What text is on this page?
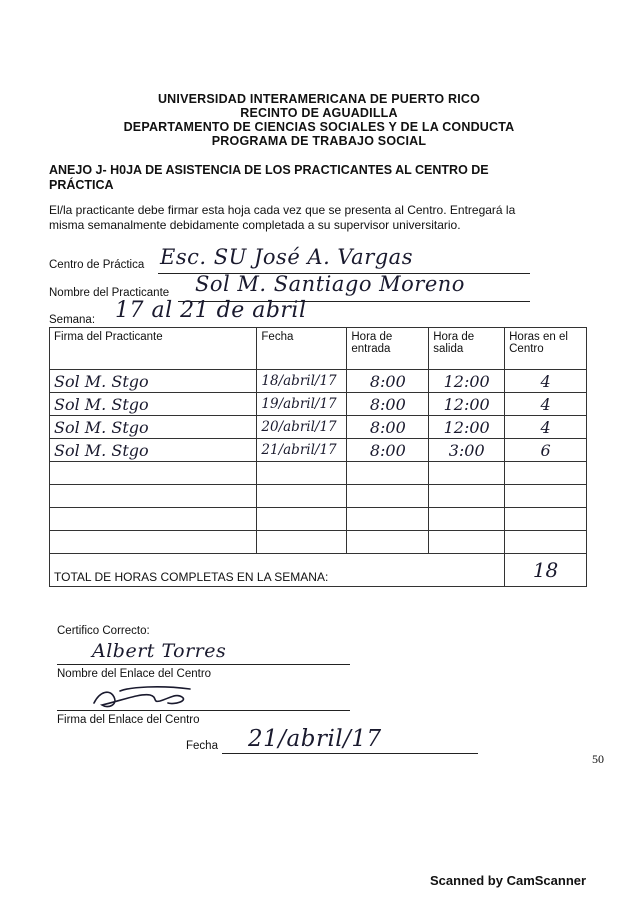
UNIVERSIDAD INTERAMERICANA DE PUERTO RICO
RECINTO DE AGUADILLA
DEPARTAMENTO DE CIENCIAS SOCIALES Y DE LA CONDUCTA
PROGRAMA DE TRABAJO SOCIAL
ANEJO J- H0JA DE ASISTENCIA DE LOS PRACTICANTES AL CENTRO DE
PRÁCTICA
El/la practicante debe firmar esta hoja cada vez que se presenta al Centro. Entregará la
misma semanalmente debidamente completada a su supervisor universitario.
Centro de Práctica Esc. SU José A. Vargas
Nombre del Practicante Sol M. Santiago Moreno
Semana: 17 al 21 de abril
Firma del Practicante	Fecha	Hora de entrada	Hora de salida	Horas en el Centro
Sol M. Stgo	18/abril/17	8:00	12:00	4
Sol M. Stgo	19/abril/17	8:00	12:00	4
Sol M. Stgo	20/abril/17	8:00	12:00	4
Sol M. Stgo	21/abril/17	8:00	3:00	6

TOTAL DE HORAS COMPLETAS EN LA SEMANA:				18
Certifico Correcto:
Albert Torres
Nombre del Enlace del Centro
Firma del Enlace del Centro
Fecha 21/abril/17
50
Scanned by CamScanner
